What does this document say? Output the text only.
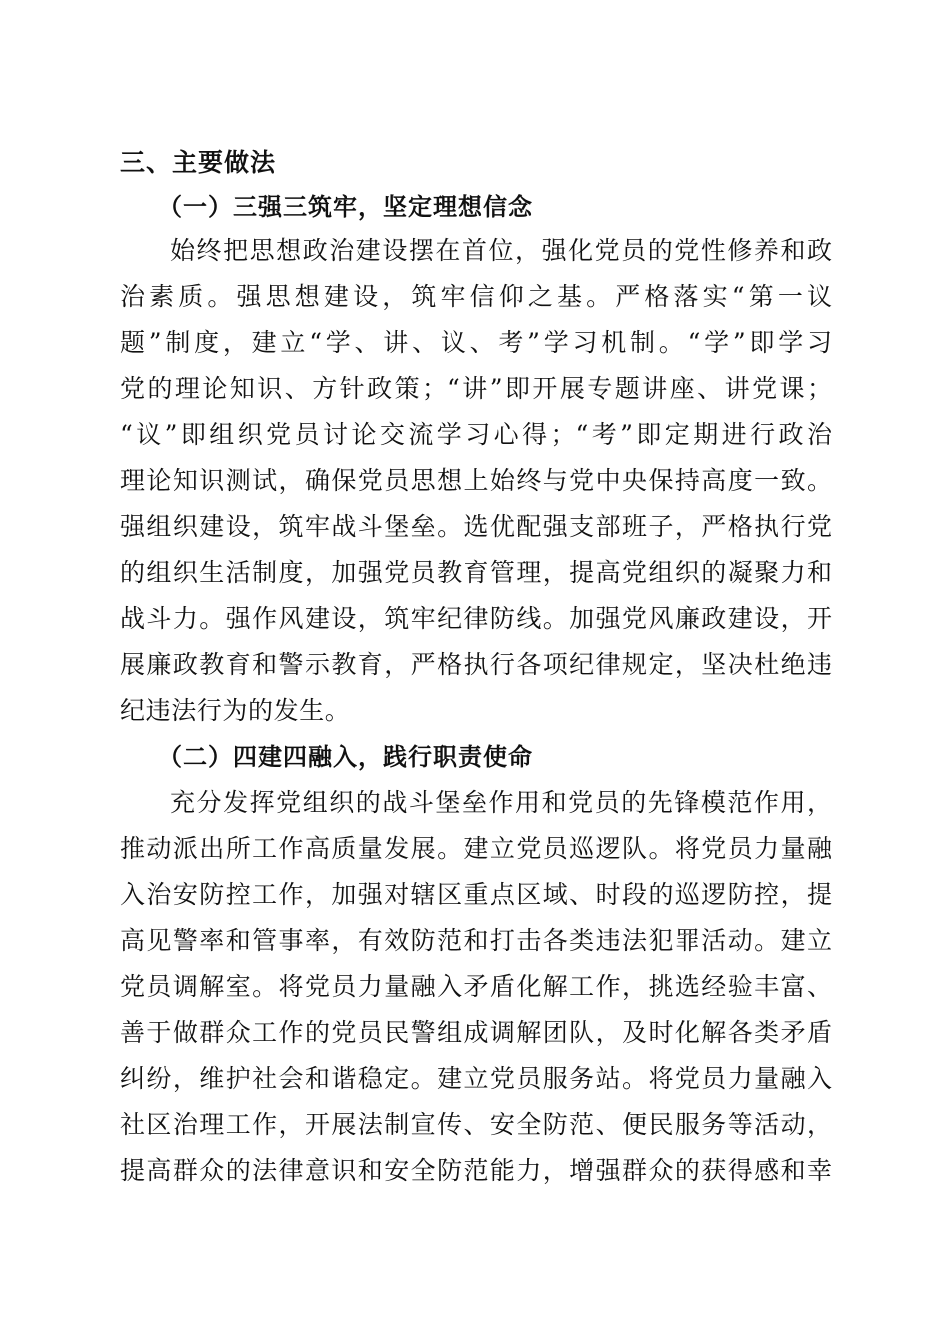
三、主要做法
（一）三强三筑牢，坚定理想信念
始终把思想政治建设摆在首位，强化党员的党性修养和政
治素质。强思想建设，筑牢信仰之基。严格落实“第一议
题”制度，建立“学、讲、议、考”学习机制。“学”即学习
党的理论知识、方针政策；“讲”即开展专题讲座、讲党课；
“议”即组织党员讨论交流学习心得；“考”即定期进行政治
理论知识测试，确保党员思想上始终与党中央保持高度一致。
强组织建设，筑牢战斗堡垒。选优配强支部班子，严格执行党
的组织生活制度，加强党员教育管理，提高党组织的凝聚力和
战斗力。强作风建设，筑牢纪律防线。加强党风廉政建设，开
展廉政教育和警示教育，严格执行各项纪律规定，坚决杜绝违
纪违法行为的发生。
（二）四建四融入，践行职责使命
充分发挥党组织的战斗堡垒作用和党员的先锋模范作用，
推动派出所工作高质量发展。建立党员巡逻队。将党员力量融
入治安防控工作，加强对辖区重点区域、时段的巡逻防控，提
高见警率和管事率，有效防范和打击各类违法犯罪活动。建立
党员调解室。将党员力量融入矛盾化解工作，挑选经验丰富、
善于做群众工作的党员民警组成调解团队，及时化解各类矛盾
纠纷，维护社会和谐稳定。建立党员服务站。将党员力量融入
社区治理工作，开展法制宣传、安全防范、便民服务等活动，
提高群众的法律意识和安全防范能力，增强群众的获得感和幸
